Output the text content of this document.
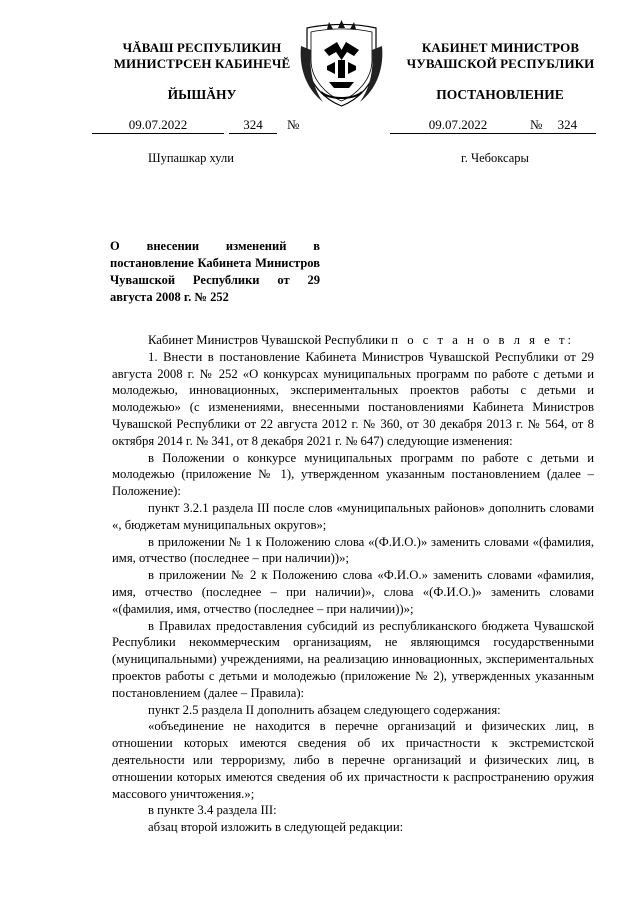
ЧĂВАШ РЕСПУБЛИКИН
МИНИСТРСЕН КАБИНЕЧĔ
ЙЫШĂНУ
КАБИНЕТ МИНИСТРОВ
ЧУВАШСКОЙ РЕСПУБЛИКИ
ПОСТАНОВЛЕНИЕ
09.07.2022	324	№	09.07.2022	№ 324
Шупашкар хули	г. Чебоксары
О внесении изменений в постановление Кабинета Министров Чувашской Республики от 29 августа 2008 г. № 252

Кабинет Министров Чувашской Республики п о с т а н о в л я е т:

1. Внести в постановление Кабинета Министров Чувашской Республики от 29 августа 2008 г. № 252 «О конкурсах муниципальных программ по работе с детьми и молодежью, инновационных, экспериментальных проектов работы с детьми и молодежью» (с изменениями, внесенными постановлениями Кабинета Министров Чувашской Республики от 22 августа 2012 г. № 360, от 30 декабря 2013 г. № 564, от 8 октября 2014 г. № 341, от 8 декабря 2021 г. № 647) следующие изменения:

в Положении о конкурсе муниципальных программ по работе с детьми и молодежью (приложение № 1), утвержденном указанным постановлением (далее – Положение):

пункт 3.2.1 раздела III после слов «муниципальных районов» дополнить словами «, бюджетам муниципальных округов»;

в приложении № 1 к Положению слова «(Ф.И.О.)» заменить словами «(фамилия, имя, отчество (последнее – при наличии))»;

в приложении № 2 к Положению слова «Ф.И.О.» заменить словами «фамилия, имя, отчество (последнее – при наличии)», слова «(Ф.И.О.)» заменить словами «(фамилия, имя, отчество (последнее – при наличии))»;

в Правилах предоставления субсидий из республиканского бюджета Чувашской Республики некоммерческим организациям, не являющимся государственными (муниципальными) учреждениями, на реализацию инновационных, экспериментальных проектов работы с детьми и молодежью (приложение № 2), утвержденных указанным постановлением (далее – Правила):

пункт 2.5 раздела II дополнить абзацем следующего содержания:

«объединение не находится в перечне организаций и физических лиц, в отношении которых имеются сведения об их причастности к экстремистской деятельности или терроризму, либо в перечне организаций и физических лиц, в отношении которых имеются сведения об их причастности к распространению оружия массового уничтожения.»;

в пункте 3.4 раздела III:

абзац второй изложить в следующей редакции:
